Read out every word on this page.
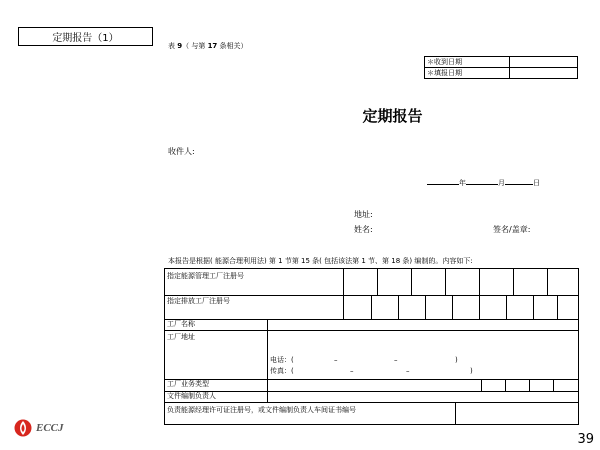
定期报告（1）
表 9（ 与第 17 条相关）
＊收到日期	
＊填报日期	
定期报告
收件人:
年	月	日
地址:
姓名:	签名/盖章:
本报告是根据( 能源合理利用法) 第 1 节第 15 条( 包括该法第 1 节、第 18 条) 编制的。内容如下:
指定能源管理工厂注册号
指定排放工厂注册号
工厂名称
工厂地址
电话：(	–	–	)
传真：(	–	–	)
工厂业务类型
文件编制负责人
负责能源经理许可证注册号，或文件编制负责人车间证书编号
ECCJ
39
